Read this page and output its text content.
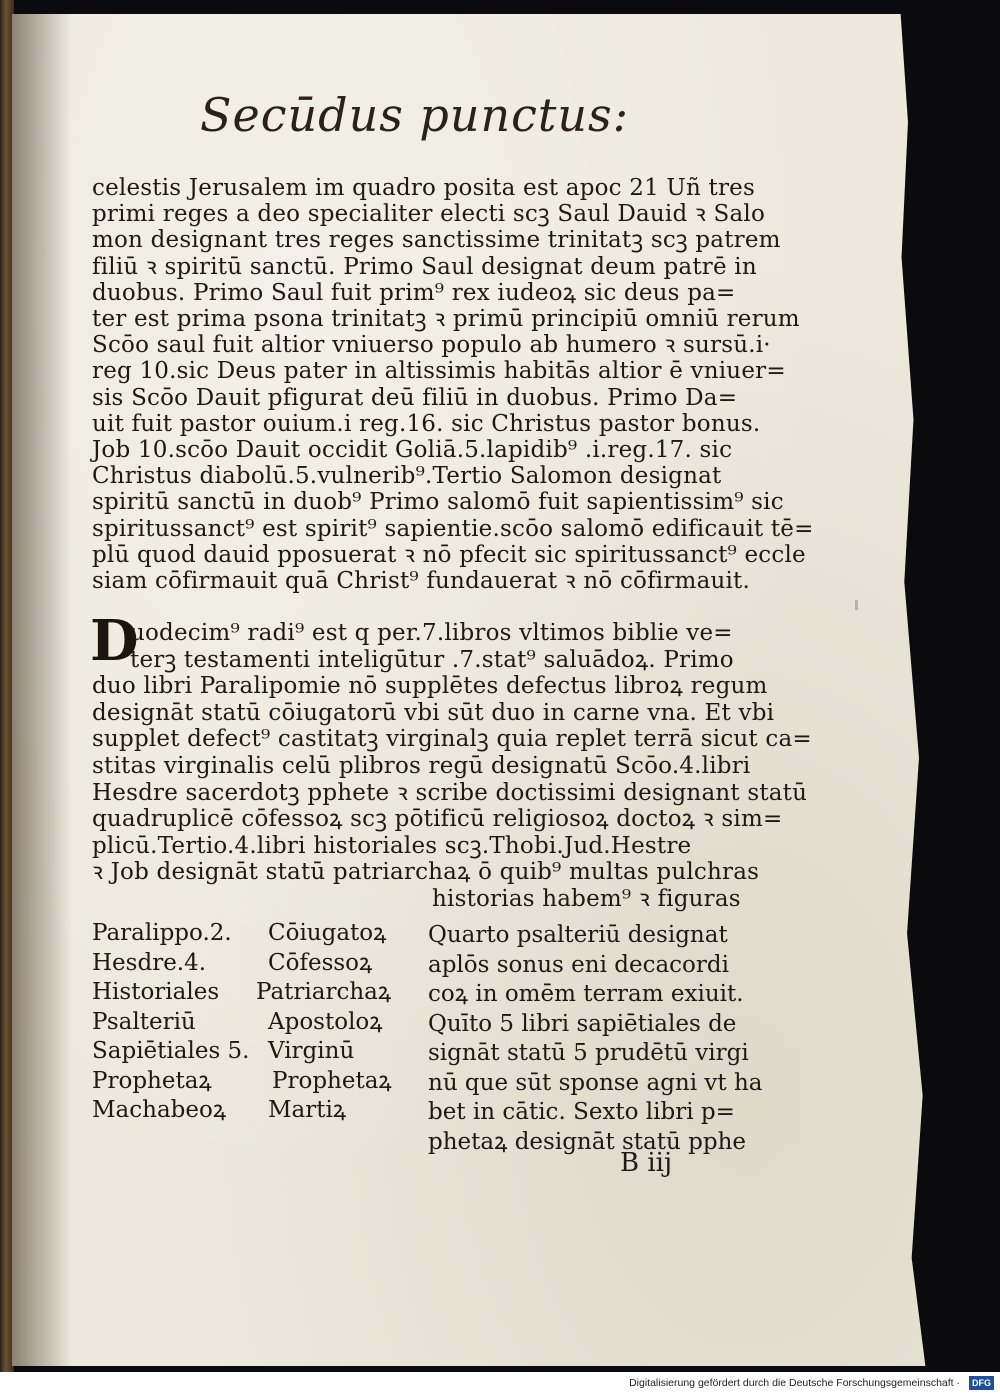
Secūdus punctus:
celestis Jerusalem im quadro posita est apoc 21 Uñ tres
primi reges a deo specialiter electi scꝫ Saul Dauid ꝛ Salo
mon designant tres reges sanctissime trinitatꝫ scꝫ patrem
filiū ꝛ spiritū sanctū. Primo Saul designat deum patrē in
duobus. Primo Saul fuit prim⁹ rex iudeoꝝ sic deus pa=
ter est prima psona trinitatꝫ ꝛ primū principiū omniū rerum
Scōo saul fuit altior vniuerso populo ab humero ꝛ sursū.i·
reg 10.sic Deus pater in altissimis habitās altior ē vniuer=
sis Scōo Dauit pfigurat deū filiū in duobus. Primo Da=
uit fuit pastor ouium.i reg.16. sic Christus pastor bonus.
Job 10.scōo Dauit occidit Goliā.5.lapidib⁹ .i.reg.17. sic
Christus diabolū.5.vulnerib⁹.Tertio Salomon designat
spiritū sanctū in duob⁹ Primo salomō fuit sapientissim⁹ sic
spiritussanct⁹ est spirit⁹ sapientie.scōo salomō edificauit tē=
plū quod dauid pposuerat ꝛ nō pfecit sic spiritussanct⁹ eccle
siam cōfirmauit quā Christ⁹ fundauerat ꝛ nō cōfirmauit.
D
uodecim⁹ radi⁹ est q per.7.libros vltimos biblie ve=
terꝫ testamenti inteligūtur .7.stat⁹ saluādoꝝ. Primo
duo libri Paralipomie nō supplētes defectus libroꝝ regum
designāt statū cōiugatorū vbi sūt duo in carne vna. Et vbi
supplet defect⁹ castitatꝫ virginalꝫ quia replet terrā sicut ca=
stitas virginalis celū plibros regū designatū Scōo.4.libri
Hesdre sacerdotꝫ pphete ꝛ scribe doctissimi designant statū
quadruplicē cōfessoꝝ scꝫ pōtificū religiosoꝝ doctoꝝ ꝛ sim=
plicū.Tertio.4.libri historiales scꝫ.Thobi.Jud.Hestre
ꝛ Job designāt statū patriarchaꝝ ō quib⁹ multas pulchras
historias habem⁹ ꝛ figuras
Paralippo.2. Cōiugatoꝝ
Hesdre.4.	Cōfessoꝝ
Historiales Patriarchaꝝ
Psalteriū	Apostoloꝝ
Sapiētiales 5. Virginū
Prophetaꝝ	Prophetaꝝ
Machabeoꝝ Martiꝝ
Quarto psalteriū designat
aplōs sonus eni decacordi
coꝝ in omēm terram exiuit.
Quīto 5 libri sapiētiales de
signāt statū 5 prudētū virgi
nū que sūt sponse agni vt ha
bet in cātic. Sexto libri p=
phetaꝝ designāt statū pphe
B iij
Digitalisierung gefördert durch die Deutsche Forschungsgemeinschaft ·	DFG
